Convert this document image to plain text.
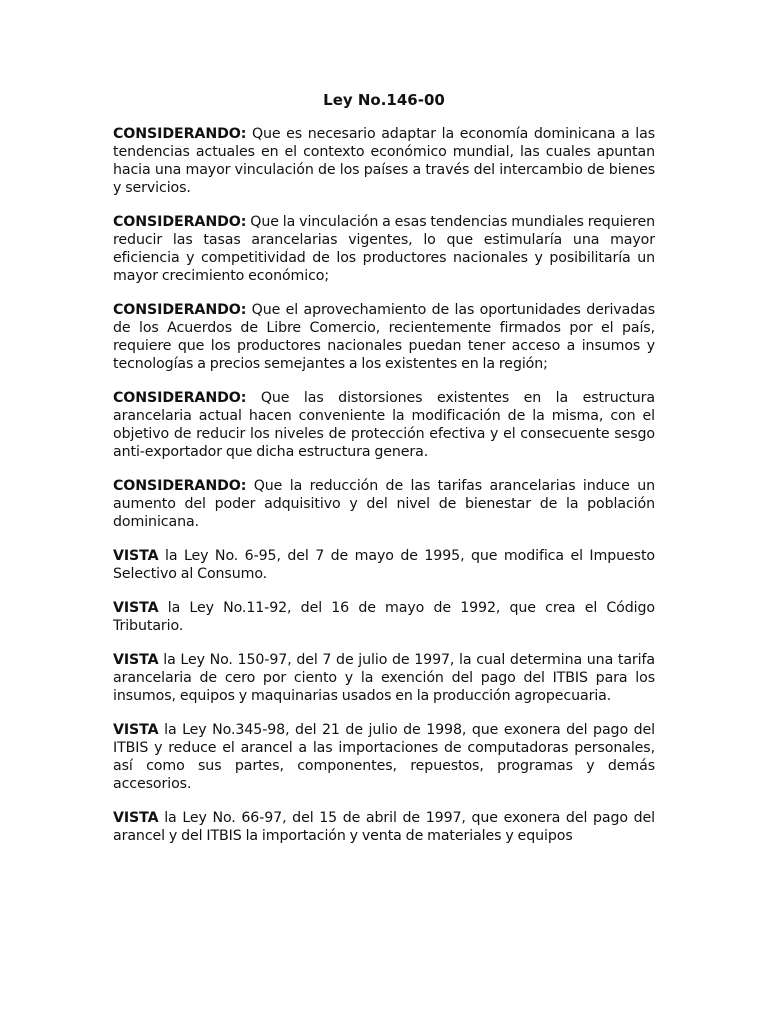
Ley No.146-00

CONSIDERANDO: Que es necesario adaptar la economía dominicana a las tendencias actuales en el contexto económico mundial, las cuales apuntan hacia una mayor vinculación de los países a través del intercambio de bienes y servicios.

CONSIDERANDO: Que la vinculación a esas tendencias mundiales requieren reducir las tasas arancelarias vigentes, lo que estimularía una mayor eficiencia y competitividad de los productores nacionales y posibilitaría un mayor crecimiento económico;

CONSIDERANDO: Que el aprovechamiento de las oportunidades derivadas de los Acuerdos de Libre Comercio, recientemente firmados por el país, requiere que los productores nacionales puedan tener acceso a insumos y tecnologías a precios semejantes a los existentes en la región;

CONSIDERANDO: Que las distorsiones existentes en la estructura arancelaria actual hacen conveniente la modificación de la misma, con el objetivo de reducir los niveles de protección efectiva y el consecuente sesgo anti-exportador que dicha estructura genera.

CONSIDERANDO: Que la reducción de las tarifas arancelarias induce un aumento del poder adquisitivo y del nivel de bienestar de la población dominicana.

VISTA la Ley No. 6-95, del 7 de mayo de 1995, que modifica el Impuesto Selectivo al Consumo.

VISTA la Ley No.11-92, del 16 de mayo de 1992, que crea el Código Tributario.

VISTA la Ley No. 150-97, del 7 de julio de 1997, la cual determina una tarifa arancelaria de cero por ciento y la exención del pago del ITBIS para los insumos, equipos y maquinarias usados en la producción agropecuaria.

VISTA la Ley No.345-98, del 21 de julio de 1998, que exonera del pago del ITBIS y reduce el arancel a las importaciones de computadoras personales, así como sus partes, componentes, repuestos, programas y demás accesorios.

VISTA la Ley No. 66-97, del 15 de abril de 1997, que exonera del pago del arancel y del ITBIS la importación y venta de materiales y equipos
